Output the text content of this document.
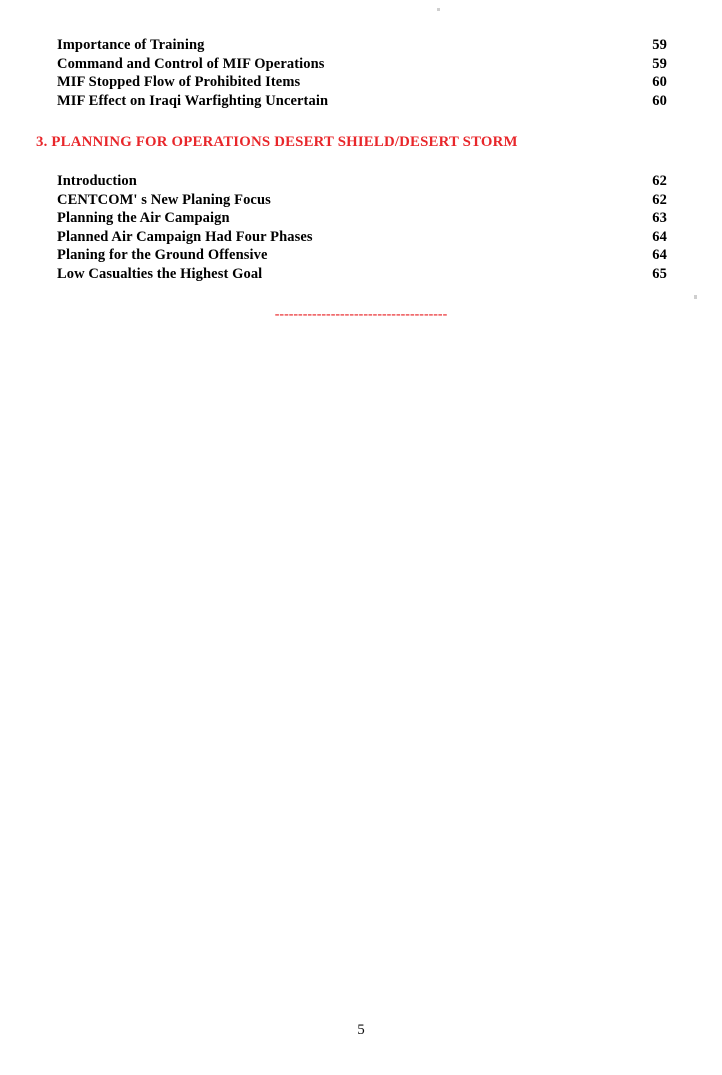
Importance of Training	59
Command and Control of MIF Operations	59
MIF Stopped Flow of Prohibited Items	60
MIF Effect on Iraqi Warfighting Uncertain	60
3. PLANNING FOR OPERATIONS DESERT SHIELD/DESERT STORM
Introduction	62
CENTCOM' s New Planing Focus	62
Planning the Air Campaign	63
Planned Air Campaign Had Four Phases	64
Planing for the Ground Offensive	64
Low Casualties the Highest Goal	65
-------------------------------------
5
